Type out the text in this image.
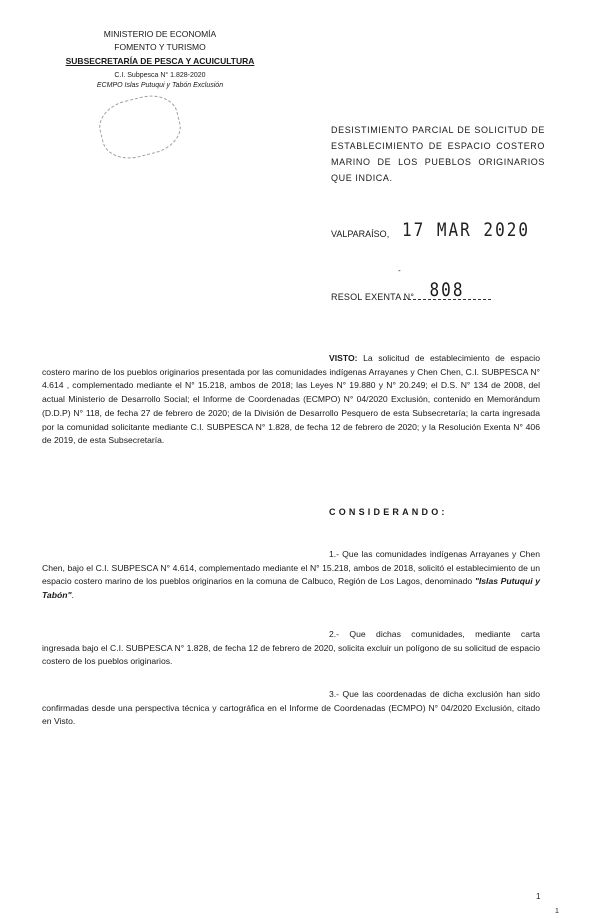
MINISTERIO DE ECONOMÍA
FOMENTO Y TURISMO
SUBSECRETARÍA DE PESCA Y ACUICULTURA
C.I. Subpesca N° 1.828-2020
ECMPO Islas Putuqui y Tabón Exclusión
DESISTIMIENTO PARCIAL DE SOLICITUD DE ESTABLECIMIENTO DE ESPACIO COSTERO MARINO DE LOS PUEBLOS ORIGINARIOS QUE INDICA.
VALPARAÍSO, 17 MAR 2020
-
RESOL EXENTA N° 808
VISTO: La solicitud de establecimiento de espacio costero marino de los pueblos originarios presentada por las comunidades indígenas Arrayanes y Chen Chen, C.I. SUBPESCA N° 4.614 , complementado mediante el N° 15.218, ambos de 2018; las Leyes N° 19.880 y N° 20.249; el D.S. N° 134 de 2008, del actual Ministerio de Desarrollo Social; el Informe de Coordenadas (ECMPO) N° 04/2020 Exclusión, contenido en Memorándum (D.D.P) N° 118, de fecha 27 de febrero de 2020; de la División de Desarrollo Pesquero de esta Subsecretaría; la carta ingresada por la comunidad solicitante mediante C.I. SUBPESCA N° 1.828, de fecha 12 de febrero de 2020; y la Resolución Exenta N° 406 de 2019, de esta Subsecretaría.
CONSIDERANDO:
1.- Que las comunidades indígenas Arrayanes y Chen Chen, bajo el C.I. SUBPESCA N° 4.614, complementado mediante el N° 15.218, ambos de 2018, solicitó el establecimiento de un espacio costero marino de los pueblos originarios en la comuna de Calbuco, Región de Los Lagos, denominado "Islas Putuqui y Tabón".
2.- Que dichas comunidades, mediante carta ingresada bajo el C.I. SUBPESCA N° 1.828, de fecha 12 de febrero de 2020, solicita excluir un polígono de su solicitud de espacio costero de los pueblos originarios.
3.- Que las coordenadas de dicha exclusión han sido confirmadas desde una perspectiva técnica y cartográfica en el Informe de Coordenadas (ECMPO) N° 04/2020 Exclusión, citado en Visto.
1
1
